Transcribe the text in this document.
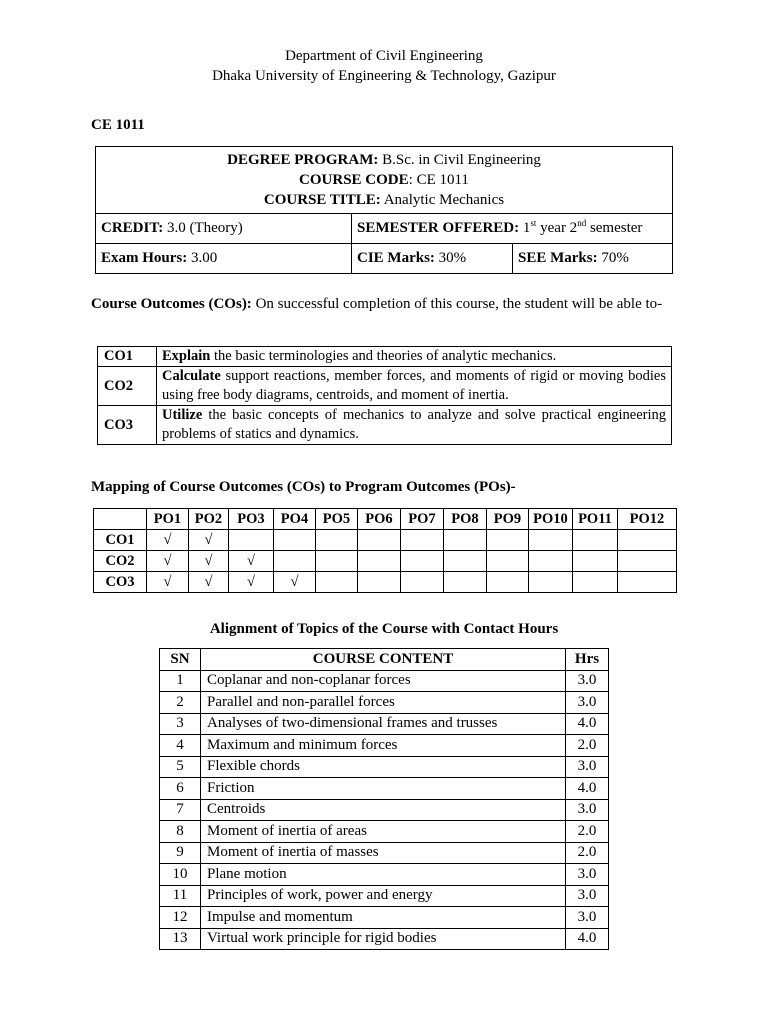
Department of Civil Engineering
Dhaka University of Engineering & Technology, Gazipur
CE 1011
DEGREE PROGRAM: B.Sc. in Civil Engineering
COURSE CODE: CE 1011
COURSE TITLE: Analytic Mechanics		

CREDIT: 3.0 (Theory)	SEMESTER OFFERED: 1st year 2nd semester	
Exam Hours: 3.00	CIE Marks: 30%	SEE Marks: 70%
Course Outcomes (COs): On successful completion of this course, the student will be able to-
CO1	Explain the basic terminologies and theories of analytic mechanics.
CO2	Calculate support reactions, member forces, and moments of rigid or moving bodies using free body diagrams, centroids, and moment of inertia.
CO3	Utilize the basic concepts of mechanics to analyze and solve practical engineering problems of statics and dynamics.
Mapping of Course Outcomes (COs) to Program Outcomes (POs)-
	PO1	PO2	PO3	PO4	PO5	PO6	PO7	PO8	PO9	PO10	PO11	PO12
CO1	√	√										
CO2	√	√	√									
CO3	√	√	√	√								
Alignment of Topics of the Course with Contact Hours
SN	COURSE CONTENT	Hrs
1	Coplanar and non-coplanar forces	3.0
2	Parallel and non-parallel forces	3.0
3	Analyses of two-dimensional frames and trusses	4.0
4	Maximum and minimum forces	2.0
5	Flexible chords	3.0
6	Friction	4.0
7	Centroids	3.0
8	Moment of inertia of areas	2.0
9	Moment of inertia of masses	2.0
10	Plane motion	3.0
11	Principles of work, power and energy	3.0
12	Impulse and momentum	3.0
13	Virtual work principle for rigid bodies	4.0
